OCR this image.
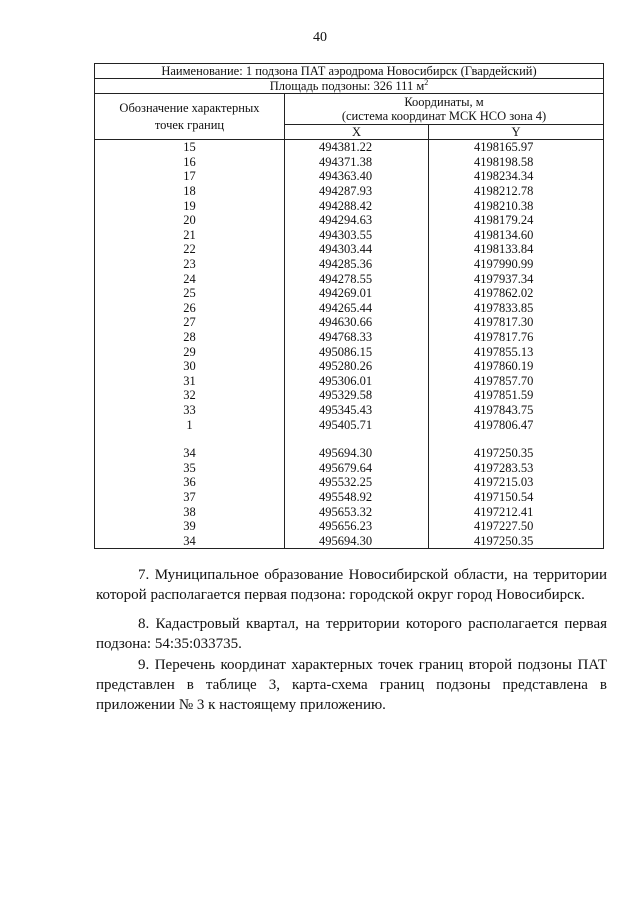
40
Наименование: 1 подзона ПАТ аэродрома Новосибирск (Гвардейский)		
Площадь подзоны: 326 111 $м^2$
Обозначение характерных точек границ	Координаты, м
(система координат МСК НСО зона 4)	

	X	Y
15	494381.22	4198165.97
16	494371.38	4198198.58
17	494363.40	4198234.34
18	494287.93	4198212.78
19	494288.42	4198210.38
20	494294.63	4198179.24
21	494303.55	4198134.60
22	494303.44	4198133.84
23	494285.36	4197990.99
24	494278.55	4197937.34
25	494269.01	4197862.02
26	494265.44	4197833.85
27	494630.66	4197817.30
28	494768.33	4197817.76
29	495086.15	4197855.13
30	495280.26	4197860.19
31	495306.01	4197857.70
32	495329.58	4197851.59
33	495345.43	4197843.75
1	495405.71	4197806.47

34	495694.30	4197250.35
35	495679.64	4197283.53
36	495532.25	4197215.03
37	495548.92	4197150.54
38	495653.32	4197212.41
39	495656.23	4197227.50
34	495694.30	4197250.35
7. Муниципальное образование Новосибирской области, на территории которой располагается первая подзона: городской округ город Новосибирск.
8. Кадастровый квартал, на территории которого располагается первая подзона: 54:35:033735.
9. Перечень координат характерных точек границ второй подзоны ПАТ представлен в таблице 3, карта-схема границ подзоны представлена в приложении № 3 к настоящему приложению.
